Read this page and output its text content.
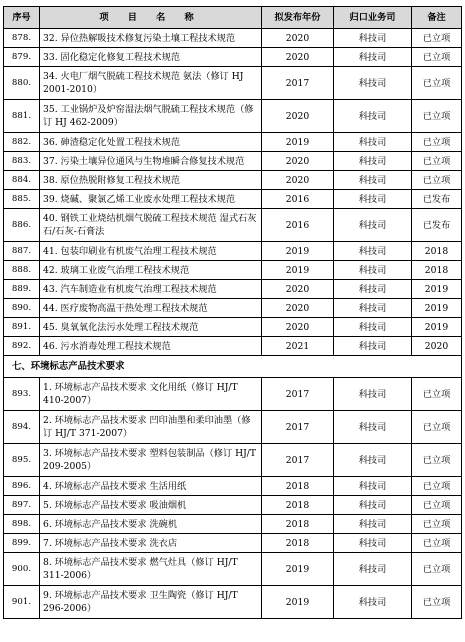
序号	项 目 名 称	拟发布年份	归口业务司	备注
878.	32. 异位热解吸技术修复污染土壤工程技术规范	2020	科技司	已立项
879.	33. 固化稳定化修复工程技术规范	2020	科技司	已立项
880.	34. 火电厂烟气脱硫工程技术规范 氨法（修订 HJ 2001-2010）	2017	科技司	已立项
881.	35. 工业锅炉及炉窑湿法烟气脱硫工程技术规范（修订 HJ 462-2009）	2020	科技司	已立项
882.	36. 砷渣稳定化处置工程技术规范	2019	科技司	已立项
883.	37. 污染土壤异位通风与生物堆瞬合修复技术规范	2020	科技司	已立项
884.	38. 原位热脱附修复工程技术规范	2020	科技司	已立项
885.	39. 烧碱、聚氯乙烯工业废水处理工程技术规范	2016	科技司	已发布
886.	40. 钢铁工业烧结机烟气脱硫工程技术规范 湿式石灰石/石灰-石膏法	2016	科技司	已发布
887.	41. 包装印刷业有机废气治理工程技术规范	2019	科技司	2018
888.	42. 玻璃工业废气治理工程技术规范	2019	科技司	2018
889.	43. 汽车制造业有机废气治理工程技术规范	2020	科技司	2019
890.	44. 医疗废物高温干热处理工程技术规范	2020	科技司	2019
891.	45. 臭氧氧化法污水处理工程技术规范	2020	科技司	2019
892.	46. 污水消毒处理工程技术规范	2021	科技司	2020
七、环境标志产品技术要求				
893.	1. 环境标志产品技术要求 文化用纸（修订 HJ/T 410-2007）	2017	科技司	已立项
894.	2. 环境标志产品技术要求 凹印油墨和柔印油墨（修订 HJ/T 371-2007）	2017	科技司	已立项
895.	3. 环境标志产品技术要求 塑料包装制品（修订 HJ/T 209-2005）	2017	科技司	已立项
896.	4. 环境标志产品技术要求 生活用纸	2018	科技司	已立项
897.	5. 环境标志产品技术要求 吸油烟机	2018	科技司	已立项
898.	6. 环境标志产品技术要求 洗碗机	2018	科技司	已立项
899.	7. 环境标志产品技术要求 洗衣店	2018	科技司	已立项
900.	8. 环境标志产品技术要求 燃气灶具（修订 HJ/T 311-2006）	2019	科技司	已立项
901.	9. 环境标志产品技术要求 卫生陶瓷（修订 HJ/T 296-2006）	2019	科技司	已立项
